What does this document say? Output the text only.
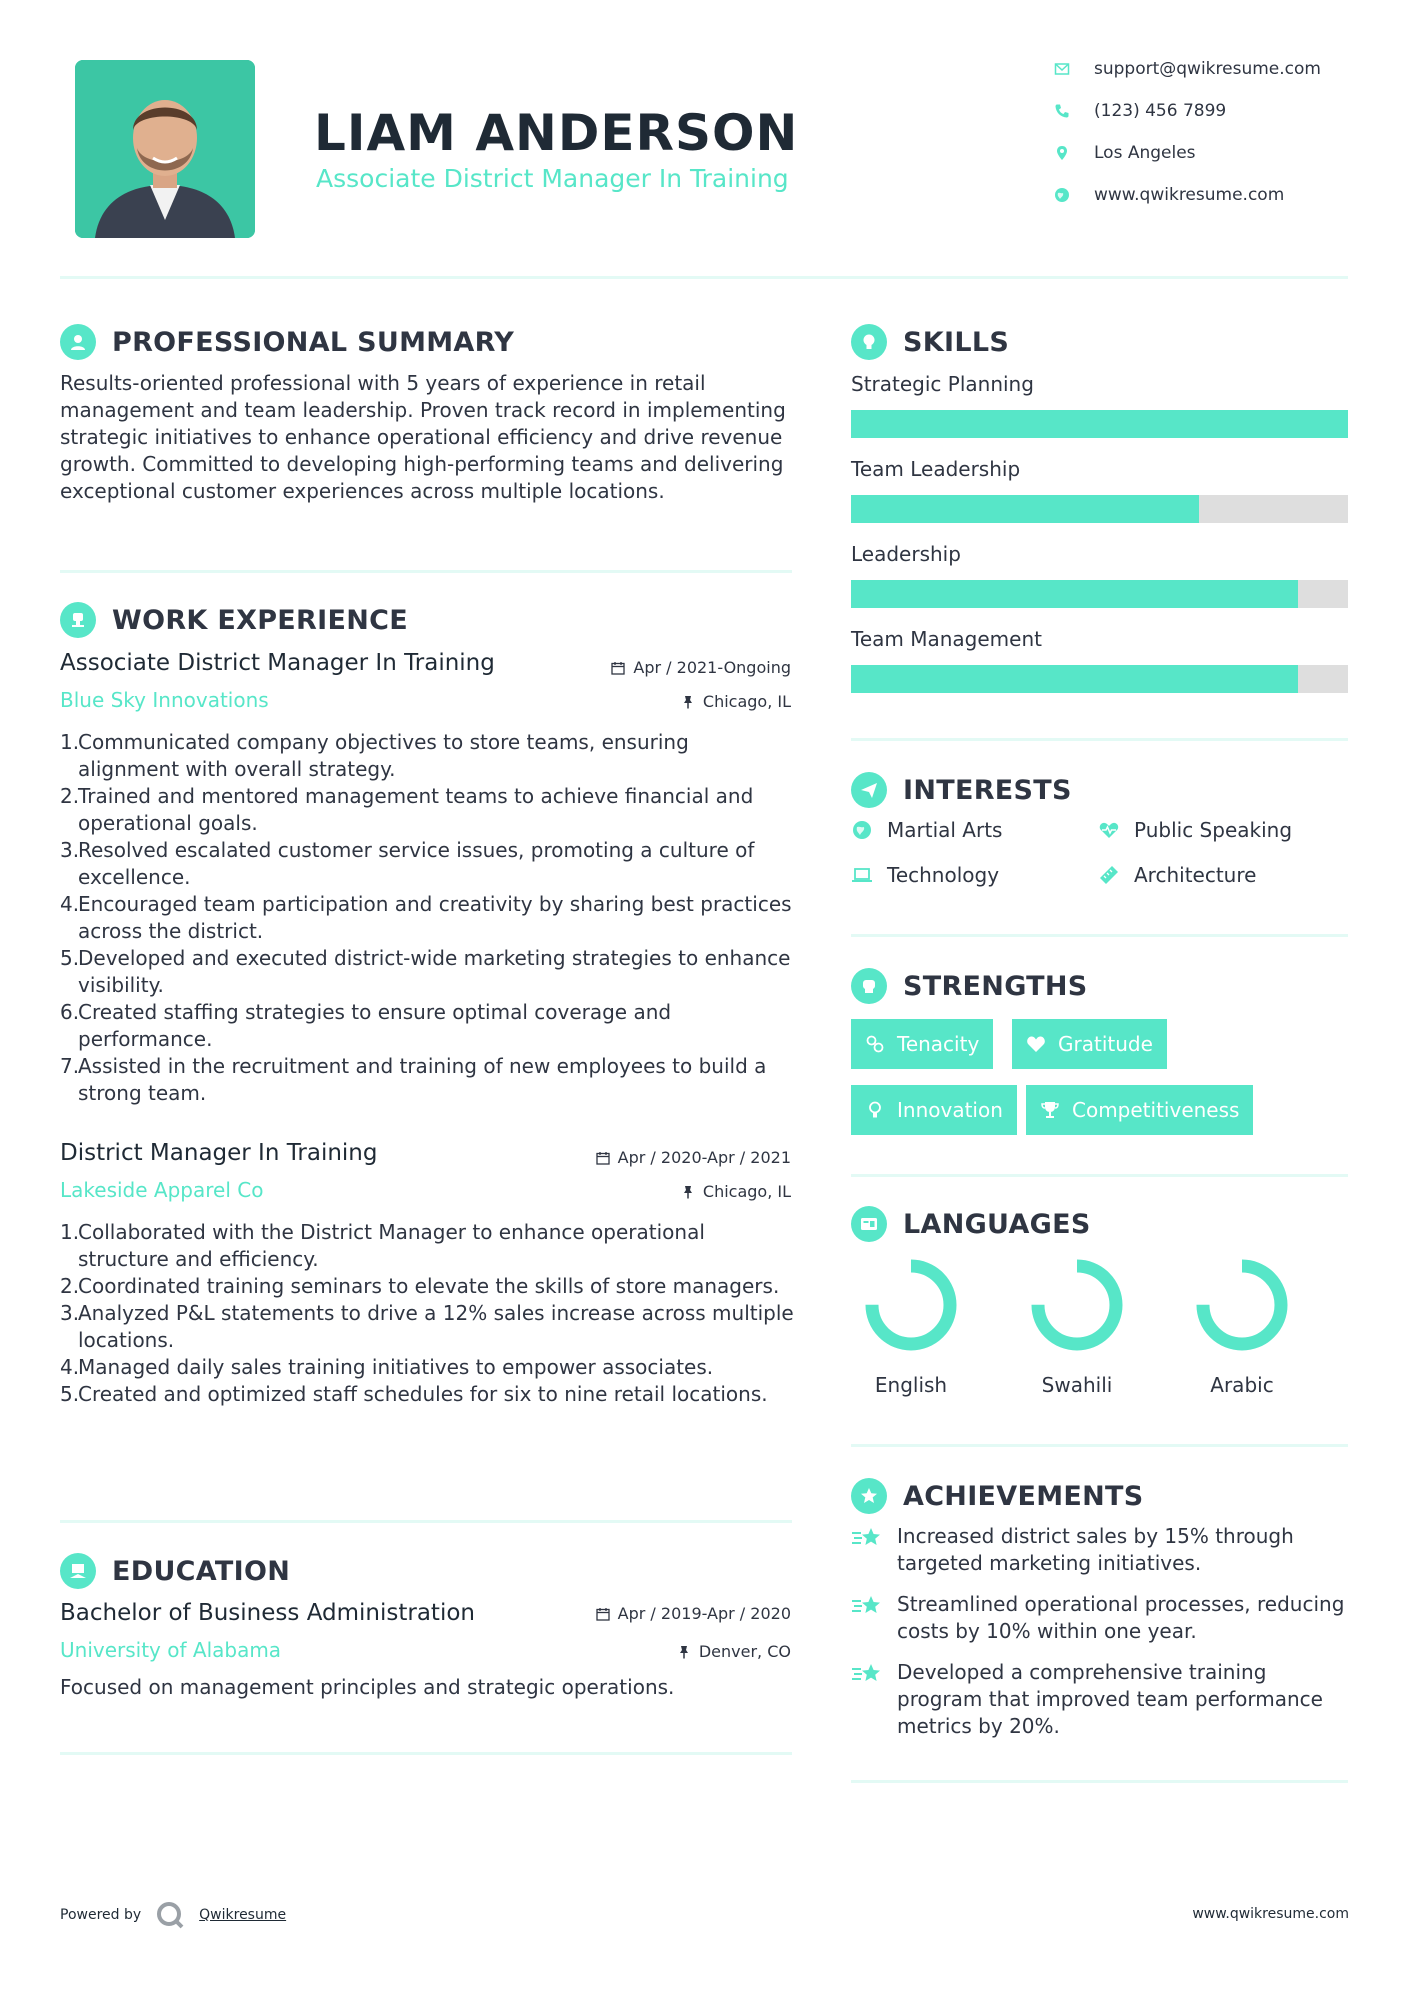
LIAM ANDERSON
Associate District Manager In Training
support@qwikresume.com
(123) 456 7899
Los Angeles
www.qwikresume.com
PROFESSIONAL SUMMARY
Results-oriented professional with 5 years of experience in retail management and team leadership. Proven track record in implementing strategic initiatives to enhance operational efficiency and drive revenue growth. Committed to developing high-performing teams and delivering exceptional customer experiences across multiple locations.
WORK EXPERIENCE
Associate District Manager In Training	Apr / 2021-Ongoing
Blue Sky Innovations	Chicago, IL
1.
Communicated company objectives to store teams, ensuring alignment with overall strategy.
2.
Trained and mentored management teams to achieve financial and operational goals.
3.
Resolved escalated customer service issues, promoting a culture of excellence.
4.
Encouraged team participation and creativity by sharing best practices across the district.
5.
Developed and executed district-wide marketing strategies to enhance visibility.
6.
Created staffing strategies to ensure optimal coverage and performance.
7.
Assisted in the recruitment and training of new employees to build a strong team.
District Manager In Training	Apr / 2020-Apr / 2021
Lakeside Apparel Co	Chicago, IL
1.
Collaborated with the District Manager to enhance operational structure and efficiency.
2.
Coordinated training seminars to elevate the skills of store managers.
3.
Analyzed P&L statements to drive a 12% sales increase across multiple locations.
4.
Managed daily sales training initiatives to empower associates.
5.
Created and optimized staff schedules for six to nine retail locations.
EDUCATION
Bachelor of Business Administration	Apr / 2019-Apr / 2020
University of Alabama	Denver, CO
Focused on management principles and strategic operations.
SKILLS
Strategic Planning
Team Leadership
Leadership
Team Management
INTERESTS
Martial Arts	Public Speaking
Technology	Architecture
STRENGTHS
Tenacity	Gratitude
Innovation	Competitiveness
LANGUAGES
English	Swahili	Arabic
ACHIEVEMENTS
Increased district sales by 15% through targeted marketing initiatives.
Streamlined operational processes, reducing costs by 10% within one year.
Developed a comprehensive training program that improved team performance metrics by 20%.
Powered by	Qwikresume	www.qwikresume.com
